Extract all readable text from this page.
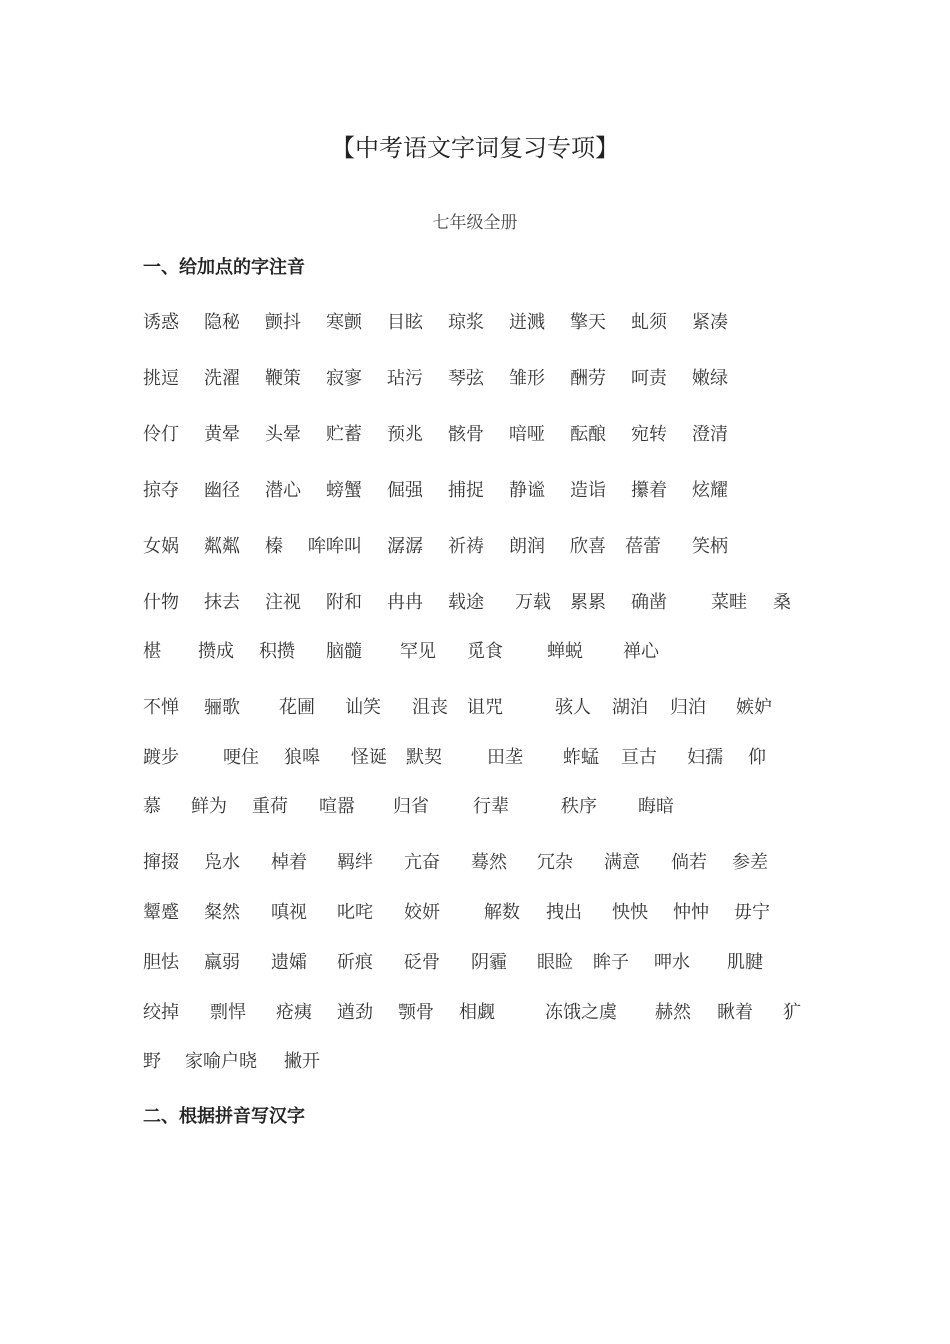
【中考语文字词复习专项】
七年级全册
一、给加点的字注音
诱惑 隐秘 颤抖 寒颤 目眩 琼浆 迸溅 擎天 虬须 紧凑
挑逗 洗濯 鞭策 寂寥 玷污 琴弦 雏形 酬劳 呵责 嫩绿
伶仃 黄晕 头晕 贮蓄 预兆 骸骨 喑哑 酝酿 宛转 澄清
掠夺 幽径 潜心 螃蟹 倔强 捕捉 静谧 造诣 攥着 炫耀
女娲 粼粼 榛 哞哞叫 潺潺 祈祷 朗润 欣喜 蓓蕾 笑柄
什物 抹去 注视 附和 冉冉 载途 万载 累累 确凿 菜畦 桑
椹 攒成 积攒 脑髓 罕见 觅食 蝉蜕 禅心
不惮 骊歌 花圃 讪笑 沮丧 诅咒	骇人 湖泊 归泊 嫉妒
踱步 哽住 狼嗥 怪诞 默契	田垄 蚱蜢 亘古 妇孺 仰
慕 鲜为 重荷 喧嚣 归省 行辈	秩序 晦暗
撺掇 凫水 棹着 羁绊 亢奋 蓦然 冗杂 满意 倘若 参差
颦蹙 粲然 嗔视 叱咤 姣妍 解数 拽出 怏怏 忡忡 毋宁
胆怯 羸弱 遗孀 斫痕 砭骨 阴霾 眼睑 眸子 呷水 肌腱
绞掉 剽悍 疮痍 遒劲 颚骨 相觑	冻饿之虞 赫然 瞅着 犷
野 家喻户晓 撇开
二、根据拼音写汉字
